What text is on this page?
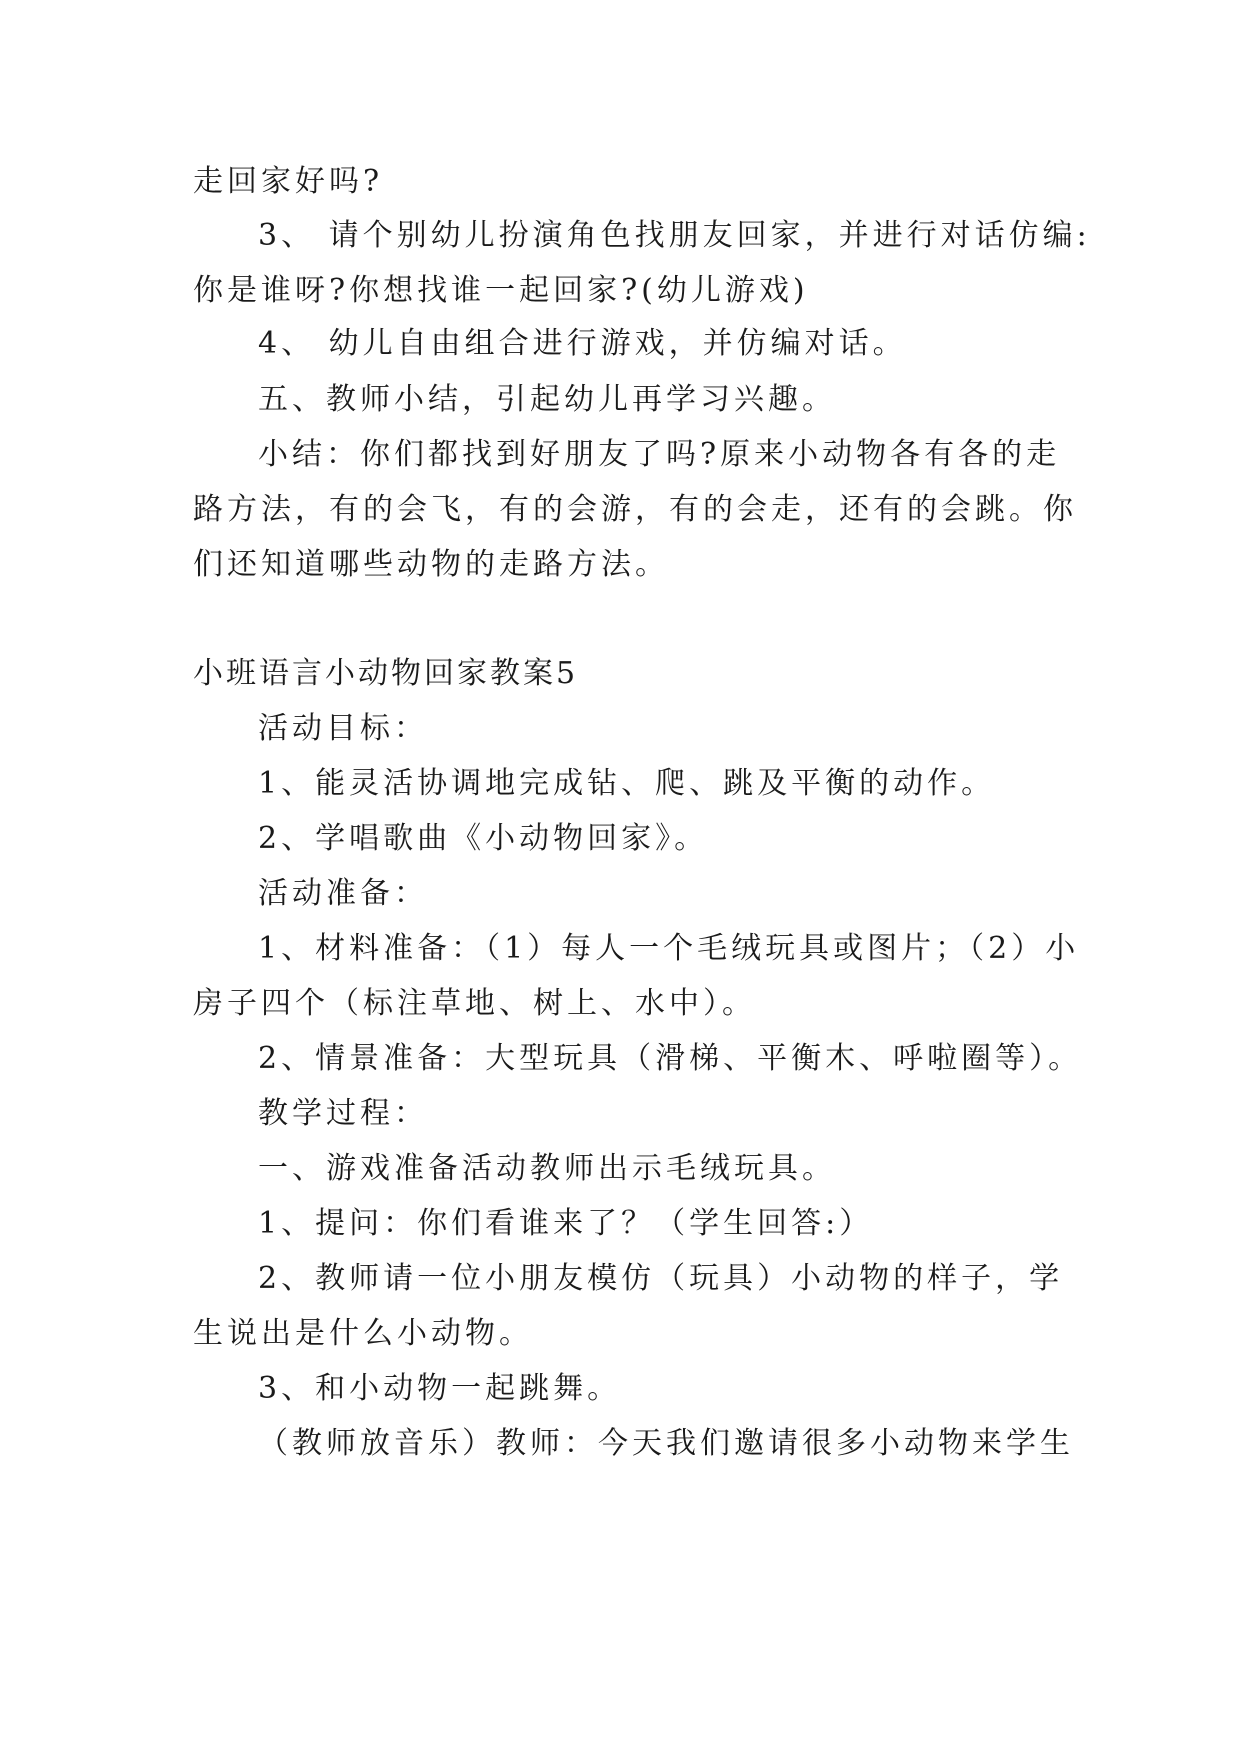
走回家好吗?
3、 请个别幼儿扮演角色找朋友回家，并进行对话仿编:
你是谁呀?你想找谁一起回家?(幼儿游戏)
4、 幼儿自由组合进行游戏，并仿编对话。
五、教师小结，引起幼儿再学习兴趣。
小结：你们都找到好朋友了吗?原来小动物各有各的走
路方法，有的会飞，有的会游，有的会走，还有的会跳。你
们还知道哪些动物的走路方法。
小班语言小动物回家教案5
活动目标：
1、能灵活协调地完成钻、爬、跳及平衡的动作。
2、学唱歌曲《小动物回家》。
活动准备：
1、材料准备：（1）每人一个毛绒玩具或图片；（2）小
房子四个（标注草地、树上、水中）。
2、情景准备：大型玩具（滑梯、平衡木、呼啦圈等）。
教学过程：
一、游戏准备活动教师出示毛绒玩具。
1、提问：你们看谁来了？（学生回答:）
2、教师请一位小朋友模仿（玩具）小动物的样子，学
生说出是什么小动物。
3、和小动物一起跳舞。
（教师放音乐）教师：今天我们邀请很多小动物来学生
